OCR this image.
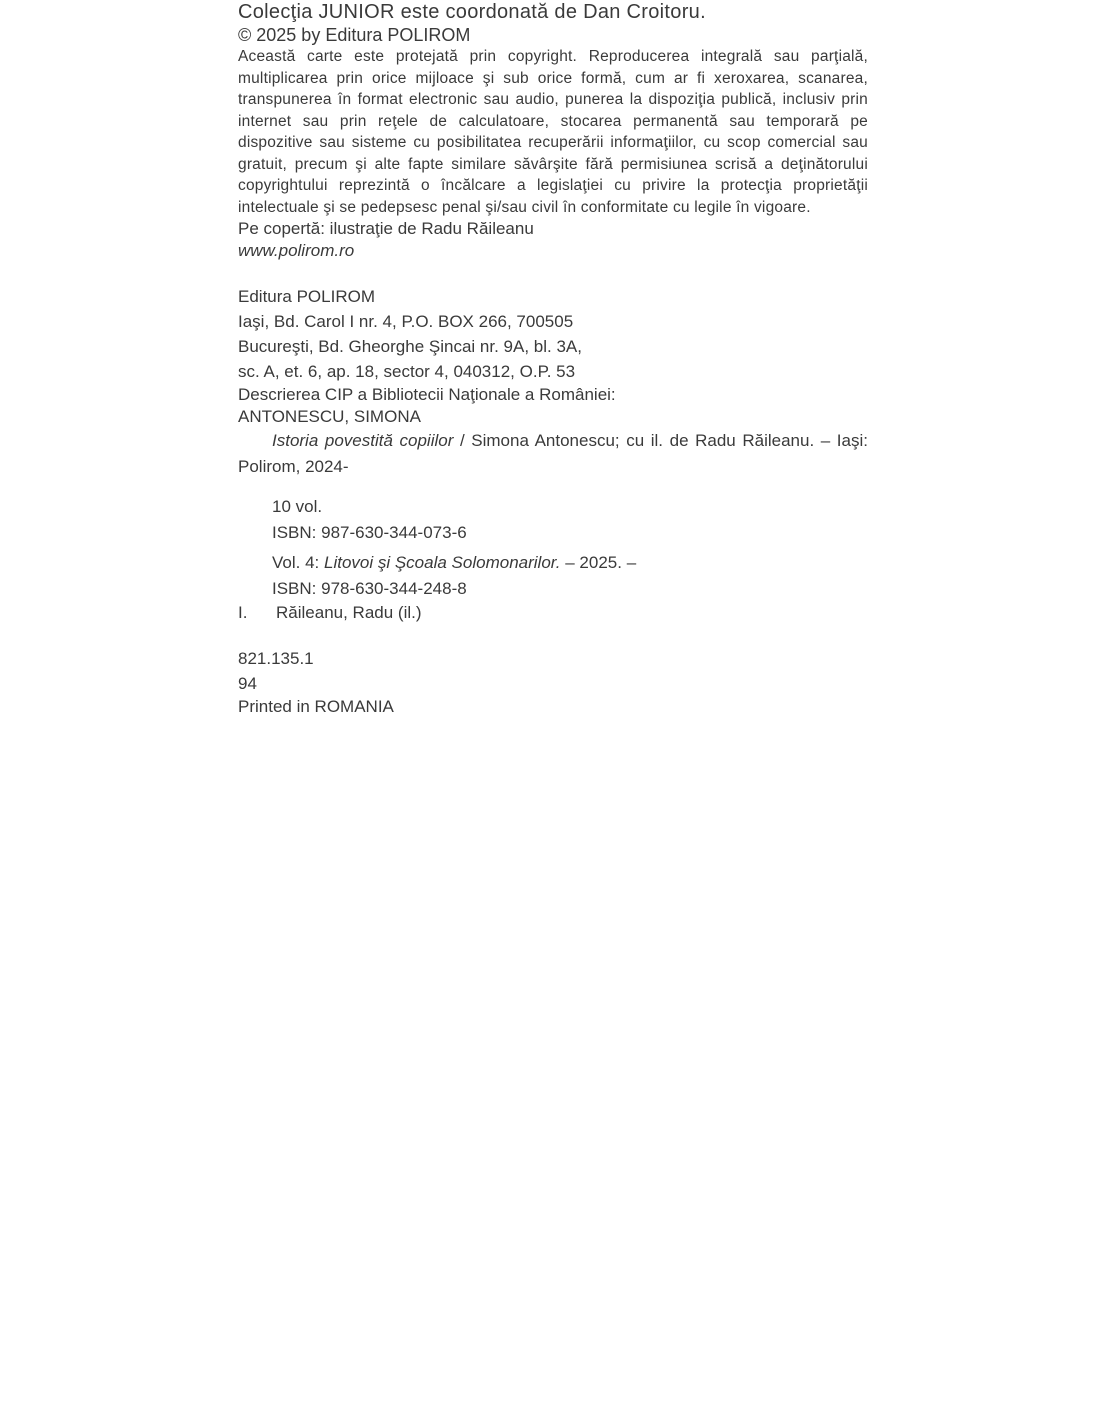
Colecţia JUNIOR este coordonată de Dan Croitoru.

© 2025 by Editura POLIROM

Această carte este protejată prin copyright. Reproducerea integrală sau parţială, multiplicarea prin orice mijloace şi sub orice formă, cum ar fi xeroxarea, scanarea, transpunerea în format electronic sau audio, punerea la dispoziţia publică, inclusiv prin internet sau prin reţele de calculatoare, stocarea permanentă sau temporară pe dispozitive sau sisteme cu posibilitatea recuperării informaţiilor, cu scop comercial sau gratuit, precum şi alte fapte similare săvârşite fără permisiunea scrisă a deţinătorului copyrightului reprezintă o încălcare a legislaţiei cu privire la protecţia proprietăţii intelectuale şi se pedepsesc penal şi/sau civil în conformitate cu legile în vigoare.

Pe copertă: ilustraţie de Radu Răileanu

www.polirom.ro

Editura POLIROM

Iaşi, Bd. Carol I nr. 4, P.O. BOX 266, 700505

Bucureşti, Bd. Gheorghe Şincai nr. 9A, bl. 3A,

sc. A, et. 6, ap. 18, sector 4, 040312, O.P. 53

Descrierea CIP a Bibliotecii Naţionale a României:

ANTONESCU, SIMONA

Istoria povestită copiilor / Simona Antonescu; cu il. de Radu Răileanu. – Iaşi: Polirom, 2024-

10 vol.

ISBN: 987-630-344-073-6

Vol. 4: Litovoi şi Şcoala Solomonarilor. – 2025. –

ISBN: 978-630-344-248-8

I. Răileanu, Radu (il.)

821.135.1

94

Printed in ROMANIA
